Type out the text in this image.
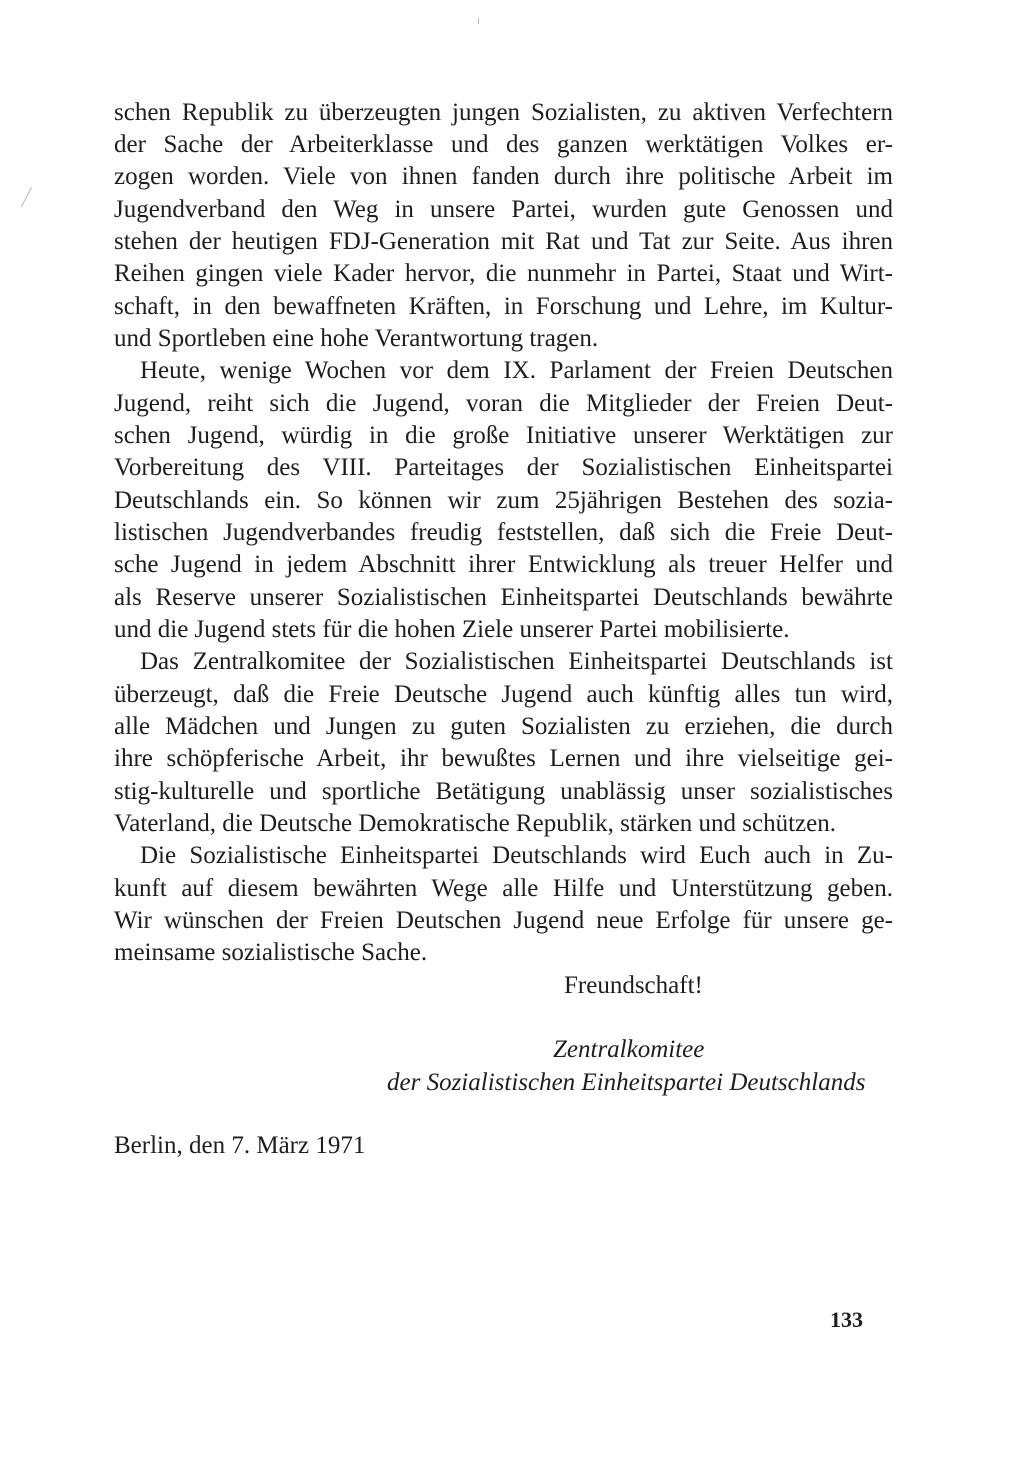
schen Republik zu überzeugten jungen Sozialisten, zu aktiven Verfechtern
der Sache der Arbeiterklasse und des ganzen werktätigen Volkes er-
zogen worden. Viele von ihnen fanden durch ihre politische Arbeit im
Jugendverband den Weg in unsere Partei, wurden gute Genossen und
stehen der heutigen FDJ-Generation mit Rat und Tat zur Seite. Aus ihren
Reihen gingen viele Kader hervor, die nunmehr in Partei, Staat und Wirt-
schaft, in den bewaffneten Kräften, in Forschung und Lehre, im Kultur-
und Sportleben eine hohe Verantwortung tragen.
Heute, wenige Wochen vor dem IX. Parlament der Freien Deutschen
Jugend, reiht sich die Jugend, voran die Mitglieder der Freien Deut-
schen Jugend, würdig in die große Initiative unserer Werktätigen zur
Vorbereitung des VIII. Parteitages der Sozialistischen Einheitspartei
Deutschlands ein. So können wir zum 25jährigen Bestehen des sozia-
listischen Jugendverbandes freudig feststellen, daß sich die Freie Deut-
sche Jugend in jedem Abschnitt ihrer Entwicklung als treuer Helfer und
als Reserve unserer Sozialistischen Einheitspartei Deutschlands bewährte
und die Jugend stets für die hohen Ziele unserer Partei mobilisierte.
Das Zentralkomitee der Sozialistischen Einheitspartei Deutschlands ist
überzeugt, daß die Freie Deutsche Jugend auch künftig alles tun wird,
alle Mädchen und Jungen zu guten Sozialisten zu erziehen, die durch
ihre schöpferische Arbeit, ihr bewußtes Lernen und ihre vielseitige gei-
stig-kulturelle und sportliche Betätigung unablässig unser sozialistisches
Vaterland, die Deutsche Demokratische Republik, stärken und schützen.
Die Sozialistische Einheitspartei Deutschlands wird Euch auch in Zu-
kunft auf diesem bewährten Wege alle Hilfe und Unterstützung geben.
Wir wünschen der Freien Deutschen Jugend neue Erfolge für unsere ge-
meinsame sozialistische Sache.
Freundschaft!
Zentralkomitee
der Sozialistischen Einheitspartei Deutschlands
Berlin, den 7. März 1971
133
